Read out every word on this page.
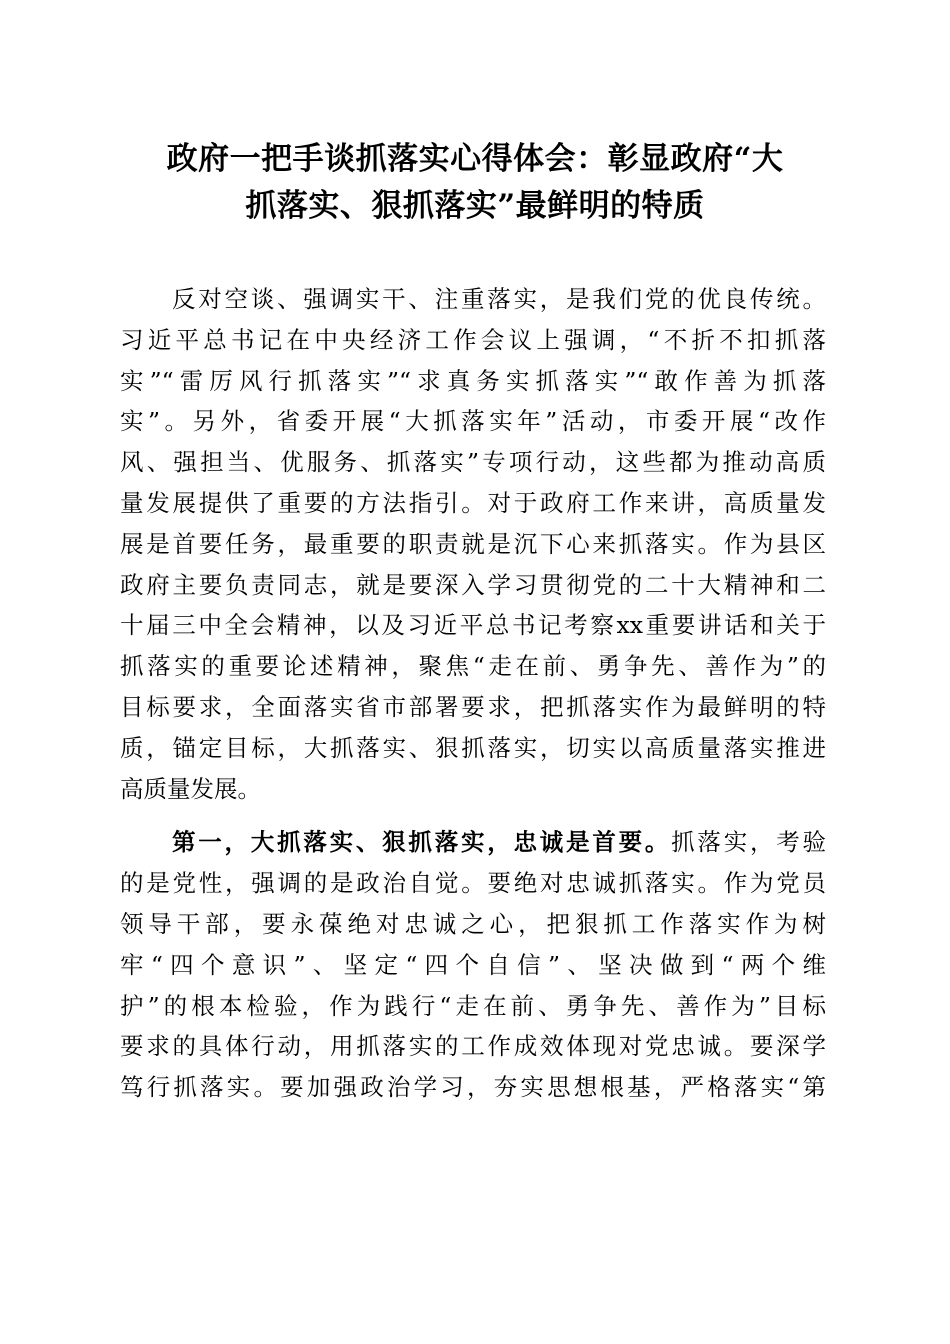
政府一把手谈抓落实心得体会：彰显政府“大
抓落实、狠抓落实”最鲜明的特质
反对空谈、强调实干、注重落实，是我们党的优良传统。
习近平总书记在中央经济工作会议上强调，“不折不扣抓落
实”“雷厉风行抓落实”“求真务实抓落实”“敢作善为抓落
实”。另外，省委开展“大抓落实年”活动，市委开展“改作
风、强担当、优服务、抓落实”专项行动，这些都为推动高质
量发展提供了重要的方法指引。对于政府工作来讲，高质量发
展是首要任务，最重要的职责就是沉下心来抓落实。作为县区
政府主要负责同志，就是要深入学习贯彻党的二十大精神和二
十届三中全会精神，以及习近平总书记考察xx重要讲话和关于
抓落实的重要论述精神，聚焦“走在前、勇争先、善作为”的
目标要求，全面落实省市部署要求，把抓落实作为最鲜明的特
质，锚定目标，大抓落实、狠抓落实，切实以高质量落实推进
高质量发展。
第一，大抓落实、狠抓落实，忠诚是首要。抓落实，考验
的是党性，强调的是政治自觉。要绝对忠诚抓落实。作为党员
领导干部，要永葆绝对忠诚之心，把狠抓工作落实作为树
牢“四个意识”、坚定“四个自信”、坚决做到“两个维
护”的根本检验，作为践行“走在前、勇争先、善作为”目标
要求的具体行动，用抓落实的工作成效体现对党忠诚。要深学
笃行抓落实。要加强政治学习，夯实思想根基，严格落实“第
